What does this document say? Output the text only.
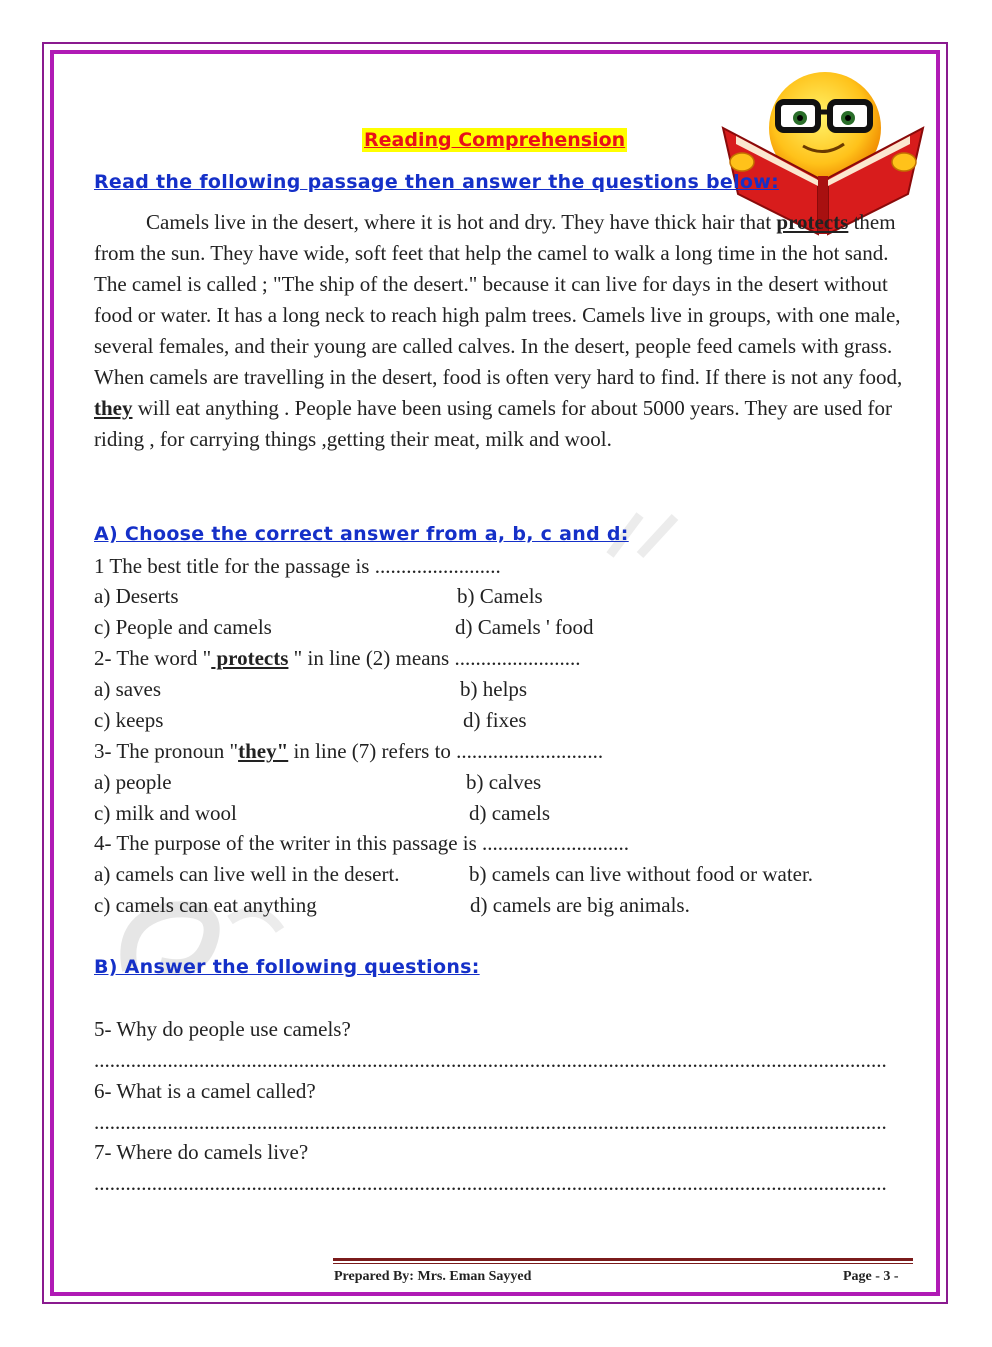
Reading Comprehension
Read the following passage then answer the questions below:

Camels live in the desert, where it is hot and dry. They have thick hair that protects them from the sun. They have wide, soft feet that help the camel to walk a long time in the hot sand. The camel is called ; "The ship of the desert." because it can live for days in the desert without food or water. It has a long neck to reach high palm trees. Camels live in groups, with one male, several females, and their young are called calves. In the desert, people feed camels with grass. When camels are travelling in the desert, food is often very hard to find. If there is not any food, they will eat anything . People have been using camels for about 5000 years. They are used for riding , for carrying things ,getting their meat, milk and wool.

A) Choose the correct answer from a, b, c and d:
1 The best title for the passage is ........................
a) Deserts	b) Camels
c) People and camels	d) Camels ' food
2- The word " protects " in line (2) means ........................
a) saves	b) helps
c) keeps	d) fixes
3- The pronoun "they" in line (7) refers to ............................
a) people	b) calves
c) milk and wool	d) camels
4- The purpose of the writer in this passage is ............................
a) camels can live well in the desert.	b) camels can live without food or water.
c) camels can eat anything	d) camels are big animals.
B) Answer the following questions:
5- Why do people use camels?
.......................................................................................................................................................
6- What is a camel called?
.......................................................................................................................................................
7- Where do camels live?
.......................................................................................................................................................
Prepared By: Mrs. Eman Sayyed	Page - 3 -
